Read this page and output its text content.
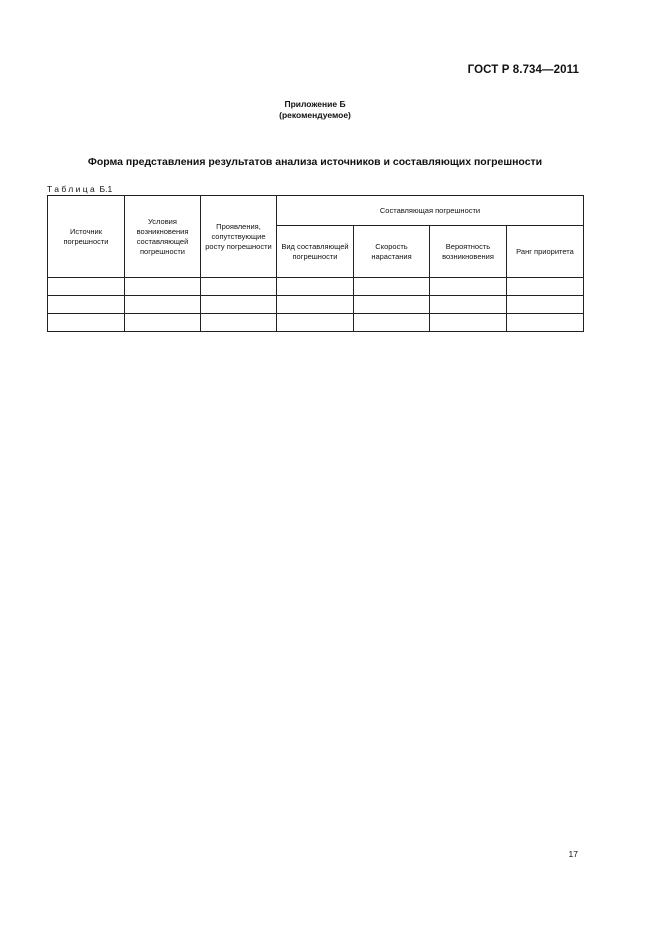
ГОСТ Р 8.734—2011
Приложение Б
(рекомендуемое)
Форма представления результатов анализа источников и составляющих погрешности
Таблица Б.1
Источник погрешности	Условия возникновения составляющей погрешности	Проявления, сопутствующие росту погрешности	Составляющая погрешности			
			Вид составляющей погрешности	Скорость нарастания	Вероятность возникновения	Ранг приоритета

17
